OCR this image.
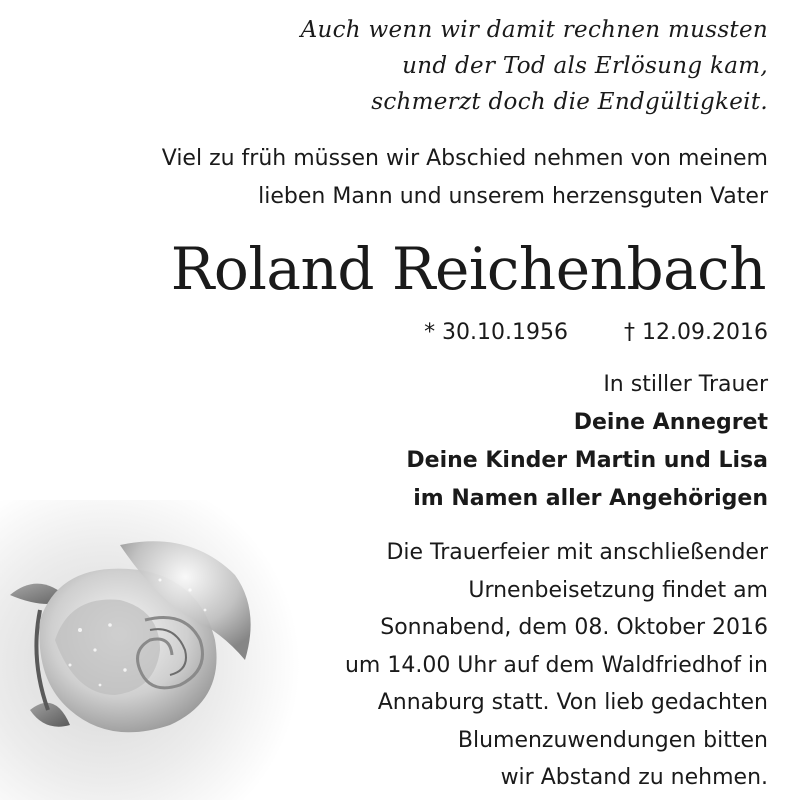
Auch wenn wir damit rechnen mussten
und der Tod als Erlösung kam,
schmerzt doch die Endgültigkeit.
Viel zu früh müssen wir Abschied nehmen von meinem
lieben Mann und unserem herzensguten Vater
Roland Reichenbach
* 30.10.1956	† 12.09.2016
In stiller Trauer
Deine Annegret
Deine Kinder Martin und Lisa
im Namen aller Angehörigen
Die Trauerfeier mit anschließender
Urnenbeisetzung findet am
Sonnabend, dem 08. Oktober 2016
um 14.00 Uhr auf dem Waldfriedhof in
Annaburg statt. Von lieb gedachten
Blumenzuwendungen bitten
wir Abstand zu nehmen.
